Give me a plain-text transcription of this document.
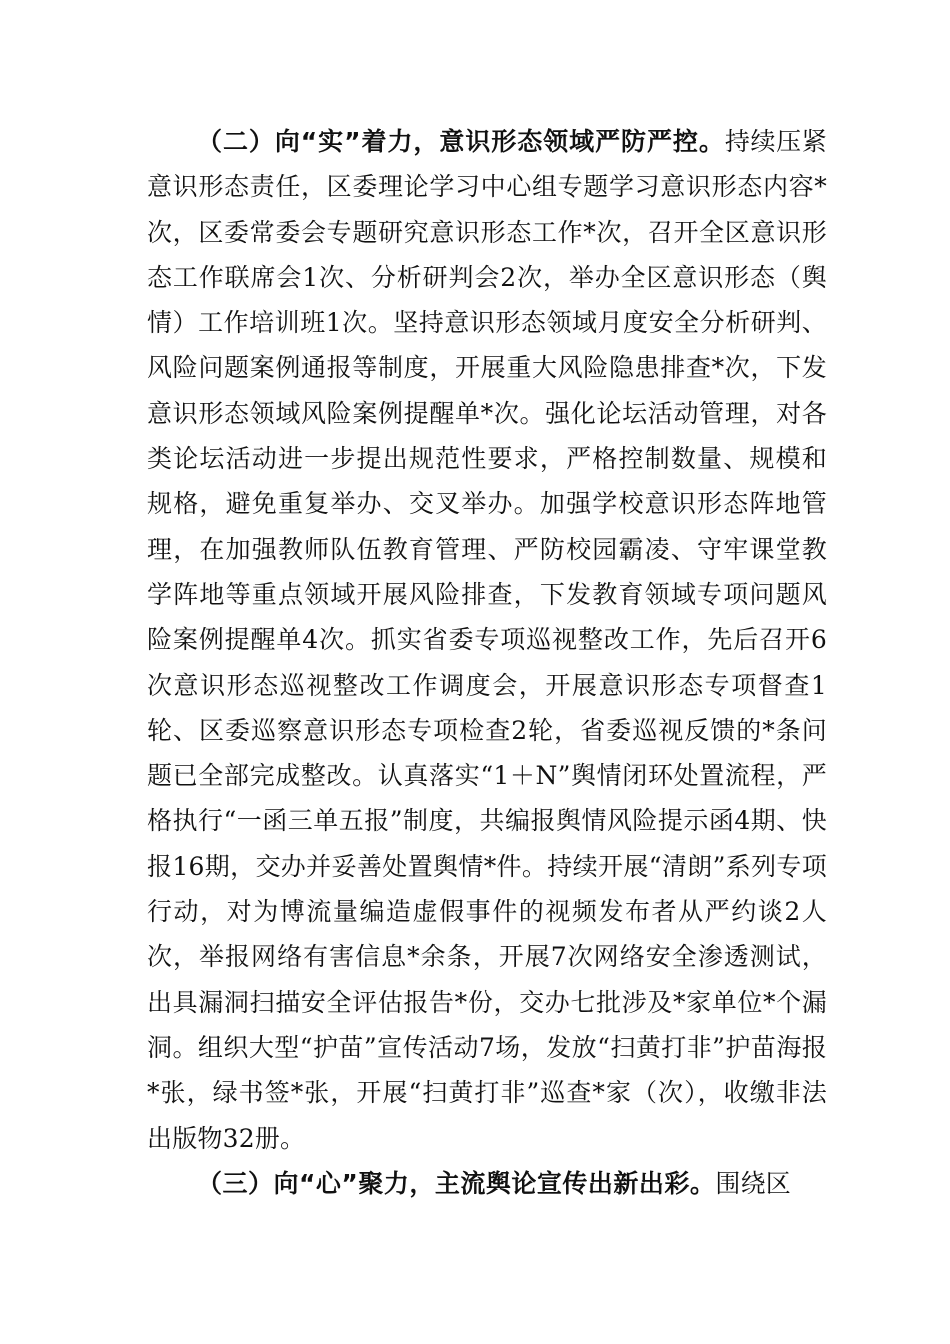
（二）向“实”着力，意识形态领域严防严控。持续压紧意识形态责任，区委理论学习中心组专题学习意识形态内容*次，区委常委会专题研究意识形态工作*次，召开全区意识形态工作联席会1次、分析研判会2次，举办全区意识形态（舆情）工作培训班1次。坚持意识形态领域月度安全分析研判、风险问题案例通报等制度，开展重大风险隐患排查*次，下发意识形态领域风险案例提醒单*次。强化论坛活动管理，对各类论坛活动进一步提出规范性要求，严格控制数量、规模和规格，避免重复举办、交叉举办。加强学校意识形态阵地管理，在加强教师队伍教育管理、严防校园霸凌、守牢课堂教学阵地等重点领域开展风险排查，下发教育领域专项问题风险案例提醒单4次。抓实省委专项巡视整改工作，先后召开6次意识形态巡视整改工作调度会，开展意识形态专项督查1轮、区委巡察意识形态专项检查2轮，省委巡视反馈的*条问题已全部完成整改。认真落实“1＋N”舆情闭环处置流程，严格执行“一函三单五报”制度，共编报舆情风险提示函4期、快报16期，交办并妥善处置舆情*件。持续开展“清朗”系列专项行动，对为博流量编造虚假事件的视频发布者从严约谈2人次，举报网络有害信息*余条，开展7次网络安全渗透测试，出具漏洞扫描安全评估报告*份，交办七批涉及*家单位*个漏洞。组织大型“护苗”宣传活动7场，发放“扫黄打非”护苗海报*张，绿书签*张，开展“扫黄打非”巡查*家（次），收缴非法出版物32册。

（三）向“心”聚力，主流舆论宣传出新出彩。围绕区
